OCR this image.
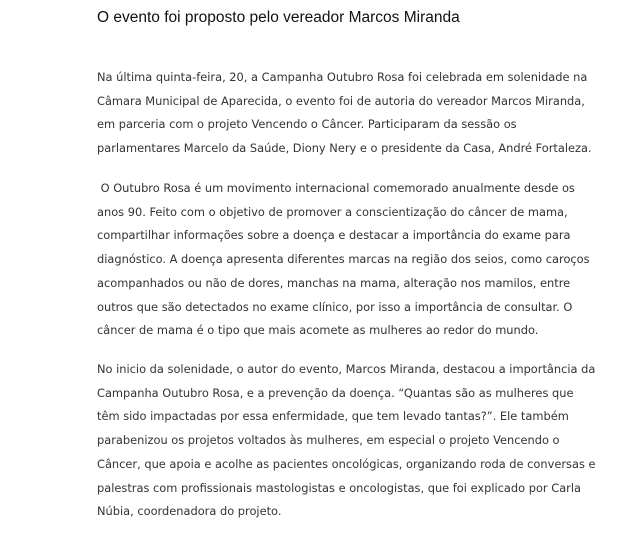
O evento foi proposto pelo vereador Marcos Miranda

Na última quinta-feira, 20, a Campanha Outubro Rosa foi celebrada em solenidade na
Câmara Municipal de Aparecida, o evento foi de autoria do vereador Marcos Miranda,
em parceria com o projeto Vencendo o Câncer. Participaram da sessão os
parlamentares Marcelo da Saúde, Diony Nery e o presidente da Casa, André Fortaleza.

O Outubro Rosa é um movimento internacional comemorado anualmente desde os
anos 90. Feito com o objetivo de promover a conscientização do câncer de mama,
compartilhar informações sobre a doença e destacar a importância do exame para
diagnóstico. A doença apresenta diferentes marcas na região dos seios, como caroços
acompanhados ou não de dores, manchas na mama, alteração nos mamilos, entre
outros que são detectados no exame clínico, por isso a importância de consultar. O
câncer de mama é o tipo que mais acomete as mulheres ao redor do mundo.

No inicio da solenidade, o autor do evento, Marcos Miranda, destacou a importância da
Campanha Outubro Rosa, e a prevenção da doença. “Quantas são as mulheres que
têm sido impactadas por essa enfermidade, que tem levado tantas?”. Ele também
parabenizou os projetos voltados às mulheres, em especial o projeto Vencendo o
Câncer, que apoia e acolhe as pacientes oncológicas, organizando roda de conversas e
palestras com profissionais mastologistas e oncologistas, que foi explicado por Carla
Núbia, coordenadora do projeto.
